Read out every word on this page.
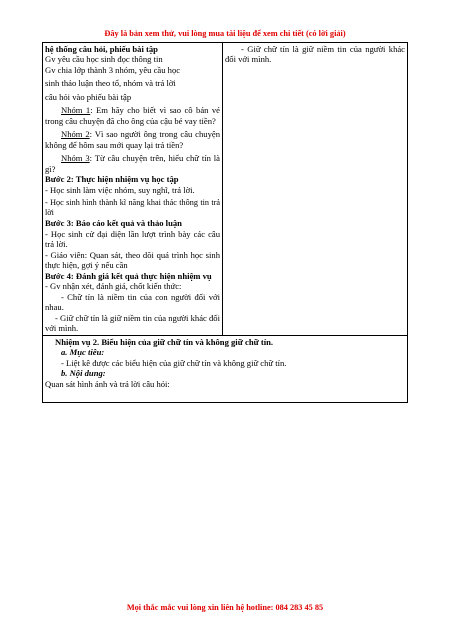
Đây là bản xem thử, vui lòng mua tài liệu để xem chi tiết (có lời giải)
hệ thống câu hỏi, phiếu bài tập
Gv yêu cầu học sinh đọc thông tin
Gv chia lớp thành 3 nhóm, yêu cầu học
sinh thảo luận theo tổ, nhóm và trả lời
câu hỏi vào phiếu bài tập
Nhóm 1: Em hãy cho biết vì sao cô bán vé trong câu chuyện đã cho ông của cậu bé vay tiền?
Nhóm 2: Vì sao người ông trong câu chuyện không để hôm sau mới quay lại trả tiền?
Nhóm 3: Từ câu chuyện trên, hiểu chữ tín là gì?
Bước 2: Thực hiện nhiệm vụ học tập
- Học sinh làm việc nhóm, suy nghĩ, trả lời.
- Học sinh hình thành kĩ năng khai thác thông tin trả lời
Bước 3: Báo cáo kết quả và thảo luận
- Học sinh cử đại diện lần lượt trình bày các câu trả lời.
- Giáo viên: Quan sát, theo dõi quá trình học sinh thực hiện, gợi ý nếu cần
Bước 4: Đánh giá kết quả thực hiện nhiệm vụ
- Gv nhận xét, đánh giá, chốt kiến thức:
- Chữ tín là niềm tin của con người đối với nhau.
- Giữ chữ tín là giữ niềm tin của người khác đối với mình.

- Giữ chữ tín là giữ niềm tin của người khác đối với mình.

Nhiệm vụ 2. Biểu hiện của giữ chữ tín và không giữ chữ tín.
a. Mục tiêu:
- Liệt kê được các biểu hiện của giữ chữ tín và không giữ chữ tín.
b. Nội dung:
Quan sát hình ảnh và trả lời câu hỏi:
Mọi thắc mắc vui lòng xin liên hệ hotline: 084 283 45 85
